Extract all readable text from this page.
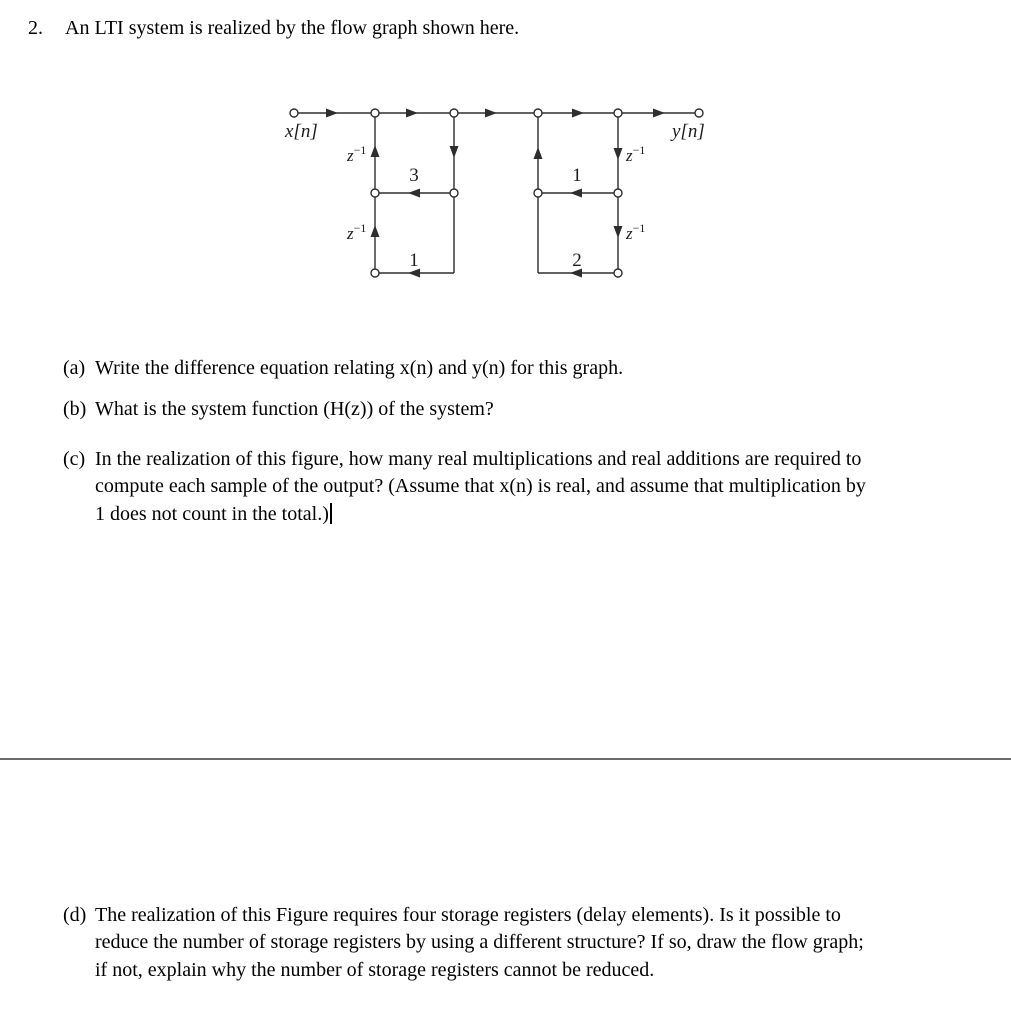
2.	An LTI system is realized by the flow graph shown here.
x[n]	y[n]
$z^{-1}$
$z^{-1}$
$z^{-1}$
$z^{-1}$
3	1
1	2
(a) Write the difference equation relating x(n) and y(n) for this graph.
(b) What is the system function (H(z)) of the system?
(c) In the realization of this figure, how many real multiplications and real additions are required to
compute each sample of the output? (Assume that x(n) is real, and assume that multiplication by
1 does not count in the total.)
(d) The realization of this Figure requires four storage registers (delay elements). Is it possible to
reduce the number of storage registers by using a different structure? If so, draw the flow graph;
if not, explain why the number of storage registers cannot be reduced.
